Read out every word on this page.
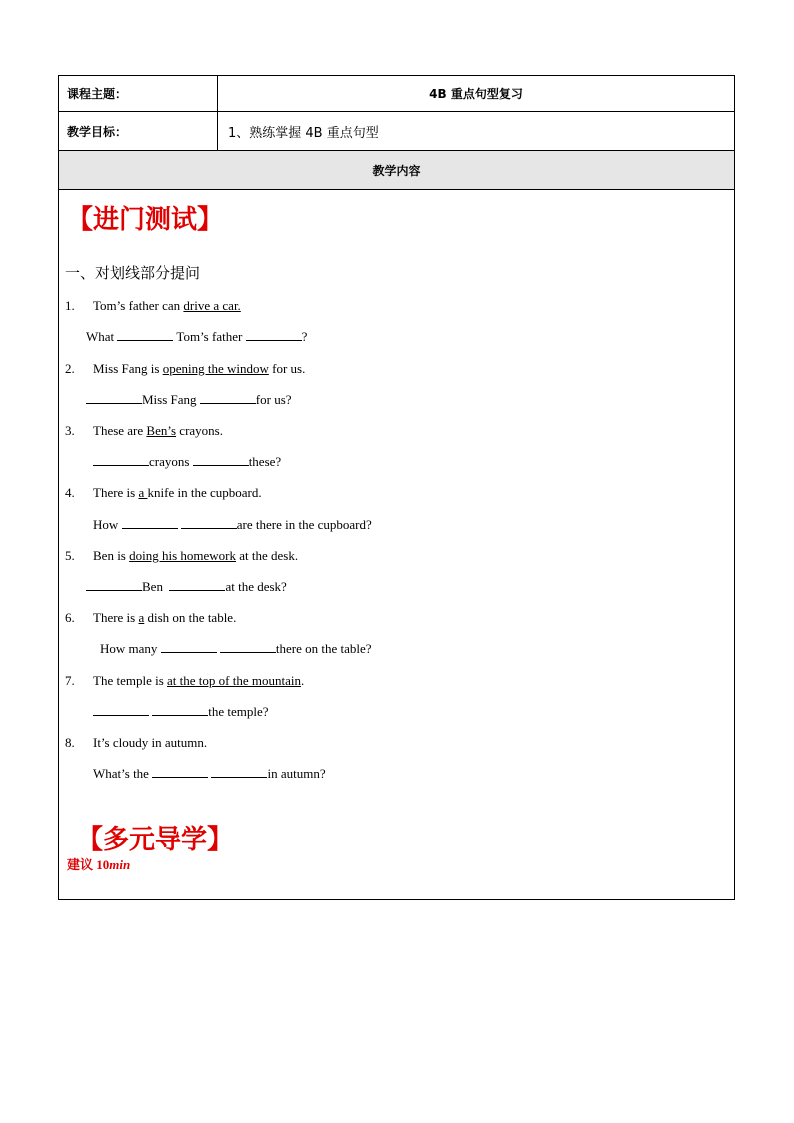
课程主题：	4B 重点句型复习
教学目标：	1、熟练掌握 4B 重点句型
教学内容
【进门测试】
一、对划线部分提问
1. Tom’s father can drive a car.
What	Tom’s father	?
2. Miss Fang is opening the window for us.
Miss Fang	for us?
3. These are Ben’s crayons.
crayons	these?
4. There is a knife in the cupboard.
How	are there in the cupboard?
5. Ben is doing his homework at the desk.
Ben	at the desk?
6. There is a dish on the table.
How many	there on the table?
7. The temple is at the top of the mountain.
the temple?
8. It’s cloudy in autumn.
What’s the	in autumn?
【多元导学】
建议 10min
